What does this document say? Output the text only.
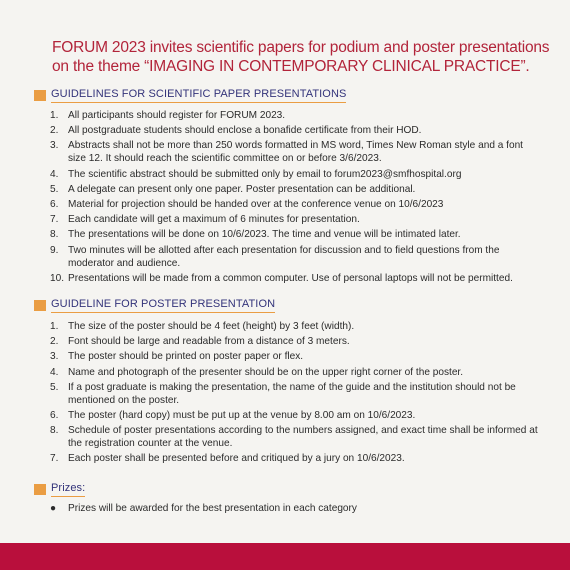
FORUM 2023 invites scientific papers for podium and poster presentations on the theme “IMAGING IN CONTEMPORARY CLINICAL PRACTICE”.
GUIDELINES FOR SCIENTIFIC PAPER PRESENTATIONS
1. All participants should register for FORUM 2023.
2. All postgraduate students should enclose a bonafide certificate from their HOD.
3. Abstracts shall not be more than 250 words formatted in MS word, Times New Roman style and a font size 12. It should reach the scientific committee on or before 3/6/2023.
4. The scientific abstract should be submitted only by email to forum2023@smfhospital.org
5. A delegate can present only one paper. Poster presentation can be additional.
6. Material for projection should be handed over at the conference venue on 10/6/2023
7. Each candidate will get a maximum of 6 minutes for presentation.
8. The presentations will be done on 10/6/2023. The time and venue will be intimated later.
9. Two minutes will be allotted after each presentation for discussion and to field questions from the moderator and audience.
10. Presentations will be made from a common computer. Use of personal laptops will not be permitted.
GUIDELINE FOR POSTER PRESENTATION
1. The size of the poster should be 4 feet (height) by 3 feet (width).
2. Font should be large and readable from a distance of 3 meters.
3. The poster should be printed on poster paper or flex.
4. Name and photograph of the presenter should be on the upper right corner of the poster.
5. If a post graduate is making the presentation, the name of the guide and the institution should not be mentioned on the poster.
6. The poster (hard copy) must be put up at the venue by 8.00 am on 10/6/2023.
8. Schedule of poster presentations according to the numbers assigned, and exact time shall be informed at the registration counter at the venue.
7. Each poster shall be presented before and critiqued by a jury on 10/6/2023.
Prizes:
●	Prizes will be awarded for the best presentation in each category
